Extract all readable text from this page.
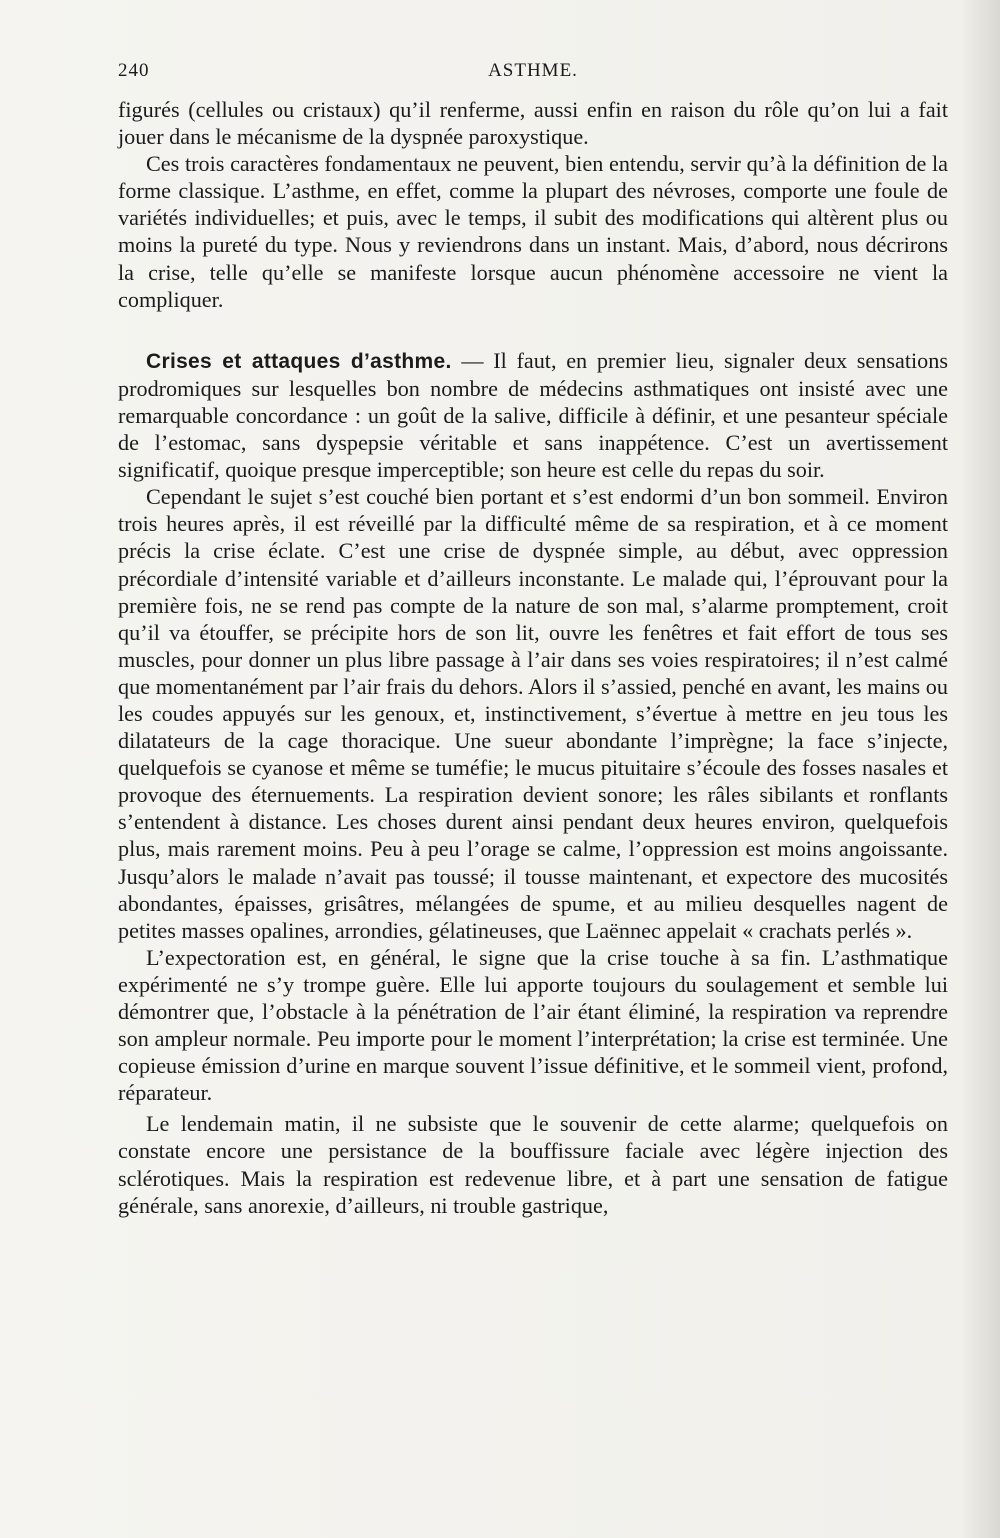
240	ASTHME.

figurés (cellules ou cristaux) qu’il renferme, aussi enfin en raison du rôle qu’on lui a fait jouer dans le mécanisme de la dyspnée paroxystique.

Ces trois caractères fondamentaux ne peuvent, bien entendu, servir qu’à la définition de la forme classique. L’asthme, en effet, comme la plupart des névroses, comporte une foule de variétés individuelles; et puis, avec le temps, il subit des modifications qui altèrent plus ou moins la pureté du type. Nous y reviendrons dans un instant. Mais, d’abord, nous décrirons la crise, telle qu’elle se manifeste lorsque aucun phénomène accessoire ne vient la compliquer.

Crises et attaques d’asthme. — Il faut, en premier lieu, signaler deux sensations prodromiques sur lesquelles bon nombre de médecins asthmatiques ont insisté avec une remarquable concordance : un goût de la salive, difficile à définir, et une pesanteur spéciale de l’estomac, sans dyspepsie véritable et sans inappétence. C’est un avertissement significatif, quoique presque imperceptible; son heure est celle du repas du soir.

Cependant le sujet s’est couché bien portant et s’est endormi d’un bon sommeil. Environ trois heures après, il est réveillé par la difficulté même de sa respiration, et à ce moment précis la crise éclate. C’est une crise de dyspnée simple, au début, avec oppression précordiale d’intensité variable et d’ailleurs inconstante. Le malade qui, l’éprouvant pour la première fois, ne se rend pas compte de la nature de son mal, s’alarme promptement, croit qu’il va étouffer, se précipite hors de son lit, ouvre les fenêtres et fait effort de tous ses muscles, pour donner un plus libre passage à l’air dans ses voies respiratoires; il n’est calmé que momentanément par l’air frais du dehors. Alors il s’assied, penché en avant, les mains ou les coudes appuyés sur les genoux, et, instinctivement, s’évertue à mettre en jeu tous les dilatateurs de la cage thoracique. Une sueur abondante l’imprègne; la face s’injecte, quelquefois se cyanose et même se tuméfie; le mucus pituitaire s’écoule des fosses nasales et provoque des éternuements. La respiration devient sonore; les râles sibilants et ronflants s’entendent à distance. Les choses durent ainsi pendant deux heures environ, quelquefois plus, mais rarement moins. Peu à peu l’orage se calme, l’oppression est moins angoissante. Jusqu’alors le malade n’avait pas toussé; il tousse maintenant, et expectore des mucosités abondantes, épaisses, grisâtres, mélangées de spume, et au milieu desquelles nagent de petites masses opalines, arrondies, gélatineuses, que Laënnec appelait « crachats perlés ».

L’expectoration est, en général, le signe que la crise touche à sa fin. L’asthmatique expérimenté ne s’y trompe guère. Elle lui apporte toujours du soulagement et semble lui démontrer que, l’obstacle à la pénétration de l’air étant éliminé, la respiration va reprendre son ampleur normale. Peu importe pour le moment l’interprétation; la crise est terminée. Une copieuse émission d’urine en marque souvent l’issue définitive, et le sommeil vient, profond, réparateur.

Le lendemain matin, il ne subsiste que le souvenir de cette alarme; quelquefois on constate encore une persistance de la bouffissure faciale avec légère injection des sclérotiques. Mais la respiration est redevenue libre, et à part une sensation de fatigue générale, sans anorexie, d’ailleurs, ni trouble gastrique,
